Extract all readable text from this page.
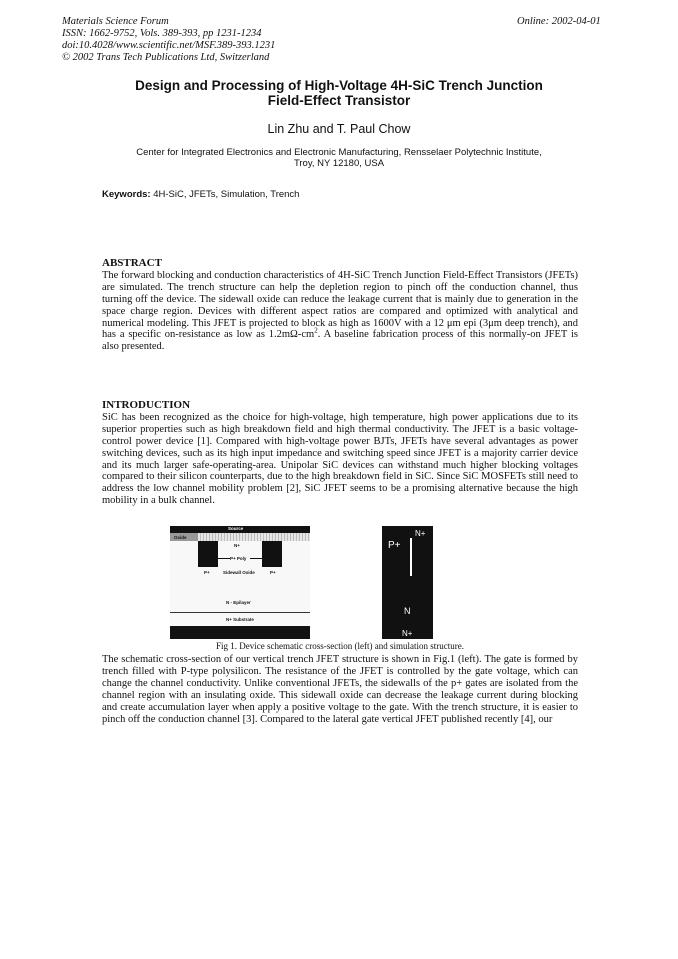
Materials Science Forum
ISSN: 1662-9752, Vols. 389-393, pp 1231-1234
doi:10.4028/www.scientific.net/MSF.389-393.1231
© 2002 Trans Tech Publications Ltd, Switzerland
Online: 2002-04-01
Design and Processing of High-Voltage 4H-SiC Trench Junction
Field-Effect Transistor
Lin Zhu and T. Paul Chow
Center for Integrated Electronics and Electronic Manufacturing, Rensselaer Polytechnic Institute,
Troy, NY 12180, USA
Keywords: 4H-SiC, JFETs, Simulation, Trench
ABSTRACT

The forward blocking and conduction characteristics of 4H-SiC Trench Junction Field-Effect Transistors (JFETs) are simulated. The trench structure can help the depletion region to pinch off the conduction channel, thus turning off the device. The sidewall oxide can reduce the leakage current that is mainly due to generation in the space charge region. Devices with different aspect ratios are compared and optimized with analytical and numerical modeling. This JFET is projected to block as high as 1600V with a 12 μm epi (3μm deep trench), and has a specific on-resistance as low as $1.2m\Omega-cm^2$. A baseline fabrication process of this normally-on JFET is also presented.

INTRODUCTION

SiC has been recognized as the choice for high-voltage, high temperature, high power applications due to its superior properties such as high breakdown field and high thermal conductivity. The JFET is a basic voltage-control power device [1]. Compared with high-voltage power BJTs, JFETs have several advantages as power switching devices, such as its high input impedance and switching speed since JFET is a majority carrier device and its much larger safe-operating-area. Unipolar SiC devices can withstand much higher blocking voltages compared to their silicon counterparts, due to the high breakdown field in SiC. Since SiC MOSFETs still need to address the low channel mobility problem [2], SiC JFET seems to be a promising alternative because the high mobility in a bulk channel.

Source
Oxide
N+
P+ Poly
P+	Sidewall Oxide	P+
N - Epilayer
N+ Substrate
N+
P+
N
N+
Fig 1. Device schematic cross-section (left) and simulation structure.

The schematic cross-section of our vertical trench JFET structure is shown in Fig.1 (left). The gate is formed by trench filled with P-type polysilicon. The resistance of the JFET is controlled by the gate voltage, which can change the channel conductivity. Unlike conventional JFETs, the sidewalls of the p+ gates are isolated from the channel region with an insulating oxide. This sidewall oxide can decrease the leakage current during blocking and create accumulation layer when apply a positive voltage to the gate. With the trench structure, it is easier to pinch off the conduction channel [3]. Compared to the lateral gate vertical JFET published recently [4], our
